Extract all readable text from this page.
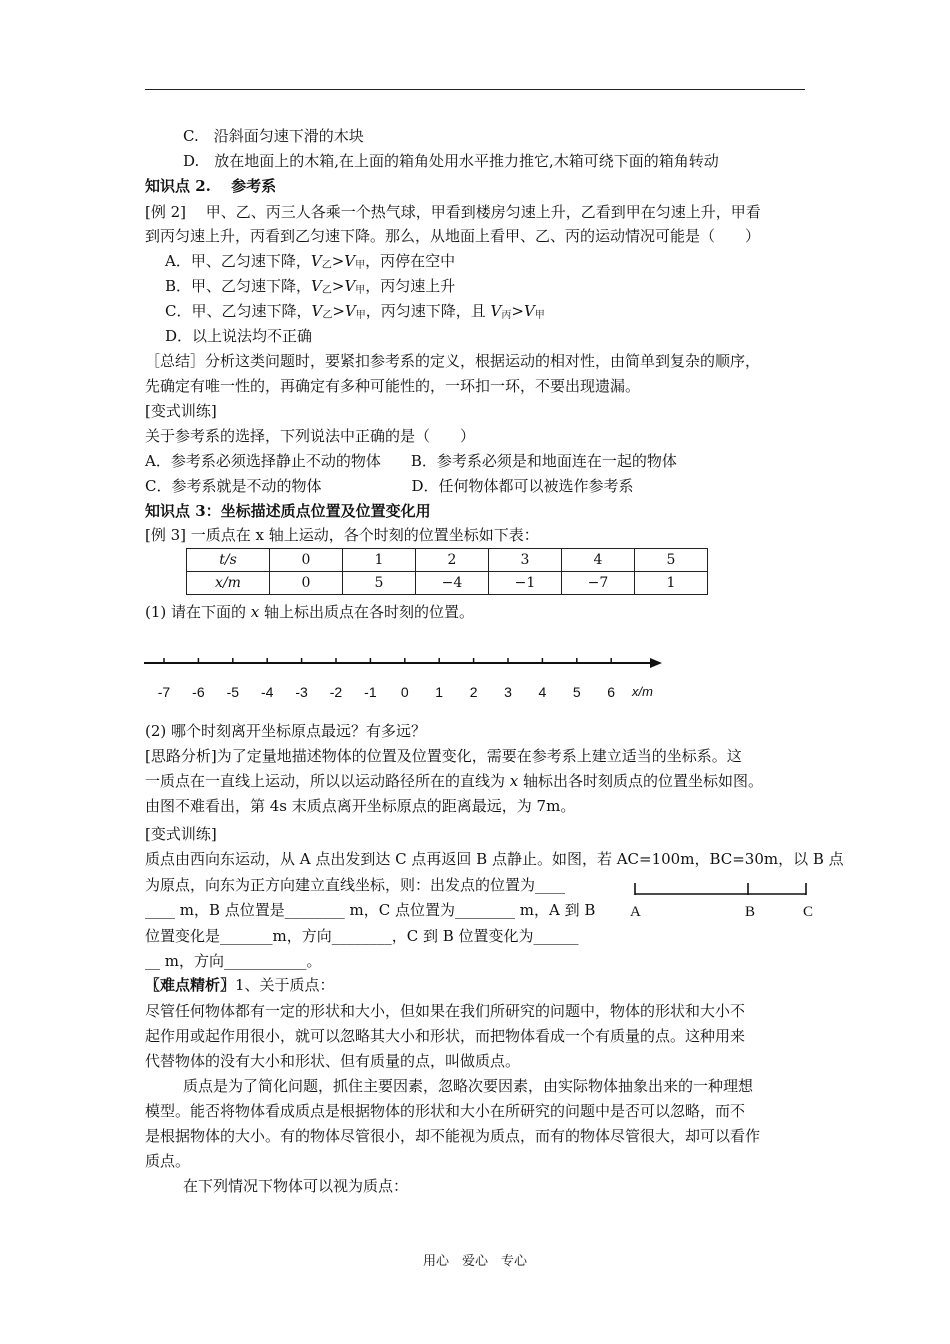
C.　沿斜面匀速下滑的木块
D.　放在地面上的木箱,在上面的箱角处用水平推力推它,木箱可绕下面的箱角转动
知识点 2.　 参考系
[例 2]　 甲、乙、丙三人各乘一个热气球，甲看到楼房匀速上升，乙看到甲在匀速上升，甲看
到丙匀速上升，丙看到乙匀速下降。那么，从地面上看甲、乙、丙的运动情况可能是（　　）
A．甲、乙匀速下降，$V_乙>V_甲$，丙停在空中
B．甲、乙匀速下降，$V_乙>V_甲$，丙匀速上升
C．甲、乙匀速下降，$V_乙>V_甲$，丙匀速下降，且 $V_丙>V_甲$
D．以上说法均不正确
［总结］分析这类问题时，要紧扣参考系的定义，根据运动的相对性，由简单到复杂的顺序，
先确定有唯一性的，再确定有多种可能性的，一环扣一环，不要出现遗漏。
[变式训练]
关于参考系的选择，下列说法中正确的是（　　）
A．参考系必须选择静止不动的物体　　B．参考系必须是和地面连在一起的物体
C．参考系就是不动的物体　　　　　　D．任何物体都可以被选作参考系
知识点 3：坐标描述质点位置及位置变化用
[例 3] 一质点在 x 轴上运动，各个时刻的位置坐标如下表：
t/s	0	1	2	3	4	5
x/m	0	5	−4	−1	−7	1
(1) 请在下面的 x 轴上标出质点在各时刻的位置。
-7	-6	-5	-4	-3	-2	-1	0	1	2	3	4	5	6	x/m
(2) 哪个时刻离开坐标原点最远？有多远？
[思路分析]为了定量地描述物体的位置及位置变化，需要在参考系上建立适当的坐标系。这
一质点在一直线上运动，所以以运动路径所在的直线为 x 轴标出各时刻质点的位置坐标如图。
由图不难看出，第 4s 末质点离开坐标原点的距离最远，为 7m。
[变式训练]
质点由西向东运动，从 A 点出发到达 C 点再返回 B 点静止。如图，若 AC=100m，BC=30m，以 B 点
为原点，向东为正方向建立直线坐标，则：出发点的位置为____
____ m，B 点位置是________ m，C 点位置为________ m，A 到 B
位置变化是_______m，方向________，C 到 B 位置变化为______
__ m，方向___________。
A	B	C
〖难点精析〗1、关于质点：
尽管任何物体都有一定的形状和大小，但如果在我们所研究的问题中，物体的形状和大小不
起作用或起作用很小，就可以忽略其大小和形状，而把物体看成一个有质量的点。这种用来
代替物体的没有大小和形状、但有质量的点，叫做质点。
质点是为了简化问题，抓住主要因素，忽略次要因素，由实际物体抽象出来的一种理想
模型。能否将物体看成质点是根据物体的形状和大小在所研究的问题中是否可以忽略，而不
是根据物体的大小。有的物体尽管很小，却不能视为质点，而有的物体尽管很大，却可以看作
质点。
在下列情况下物体可以视为质点：
用心　爱心　专心
